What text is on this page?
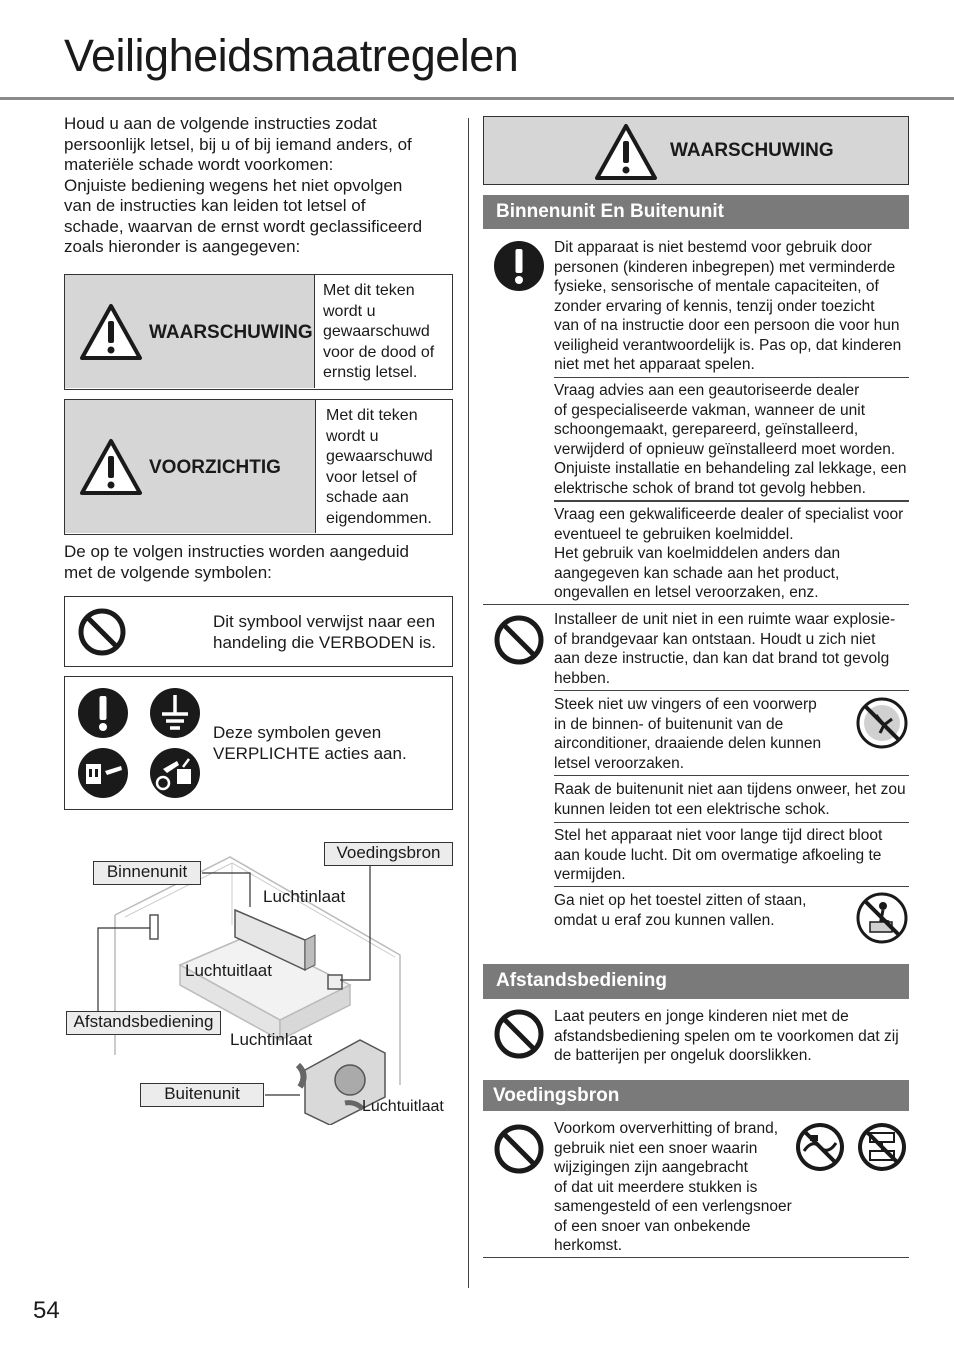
Veiligheidsmaatregelen
Houd u aan de volgende instructies zodat
persoonlijk letsel, bij u of bij iemand anders, of
materiële schade wordt voorkomen:
Onjuiste bediening wegens het niet opvolgen
van de instructies kan leiden tot letsel of
schade, waarvan de ernst wordt geclassificeerd
zoals hieronder is aangegeven:
WAARSCHUWING
Met dit teken
wordt u
gewaarschuwd
voor de dood of
ernstig letsel.
VOORZICHTIG
Met dit teken
wordt u
gewaarschuwd
voor letsel of
schade aan
eigendommen.
De op te volgen instructies worden aangeduid
met de volgende symbolen:
Dit symbool verwijst naar een
handeling die VERBODEN is.
Deze symbolen geven
VERPLICHTE acties aan.
Voedingsbron
Binnenunit
Luchtinlaat
Luchtuitlaat
Afstandsbediening
Luchtinlaat
Buitenunit
Luchtuitlaat
54
WAARSCHUWING
Binnenunit En Buitenunit
Dit apparaat is niet bestemd voor gebruik door
personen (kinderen inbegrepen) met verminderde
fysieke, sensorische of mentale capaciteiten, of
zonder ervaring of kennis, tenzij onder toezicht
van of na instructie door een persoon die voor hun
veiligheid verantwoordelijk is. Pas op, dat kinderen
niet met het apparaat spelen.
Vraag advies aan een geautoriseerde dealer
of gespecialiseerde vakman, wanneer de unit
schoongemaakt, gerepareerd, geïnstalleerd,
verwijderd of opnieuw geïnstalleerd moet worden.
Onjuiste installatie en behandeling zal lekkage, een
elektrische schok of brand tot gevolg hebben.
Vraag een gekwalificeerde dealer of specialist voor
eventueel te gebruiken koelmiddel.
Het gebruik van koelmiddelen anders dan
aangegeven kan schade aan het product,
ongevallen en letsel veroorzaken, enz.
Installeer de unit niet in een ruimte waar explosie-
of brandgevaar kan ontstaan. Houdt u zich niet
aan deze instructie, dan kan dat brand tot gevolg
hebben.
Steek niet uw vingers of een voorwerp
in de binnen- of buitenunit van de
airconditioner, draaiende delen kunnen
letsel veroorzaken.
Raak de buitenunit niet aan tijdens onweer, het zou
kunnen leiden tot een elektrische schok.
Stel het apparaat niet voor lange tijd direct bloot
aan koude lucht. Dit om overmatige afkoeling te
vermijden.
Ga niet op het toestel zitten of staan,
omdat u eraf zou kunnen vallen.
Afstandsbediening
Laat peuters en jonge kinderen niet met de
afstandsbediening spelen om te voorkomen dat zij
de batterijen per ongeluk doorslikken.
Voedingsbron
Voorkom oververhitting of brand,
gebruik niet een snoer waarin
wijzigingen zijn aangebracht
of dat uit meerdere stukken is
samengesteld of een verlengsnoer
of een snoer van onbekende
herkomst.
